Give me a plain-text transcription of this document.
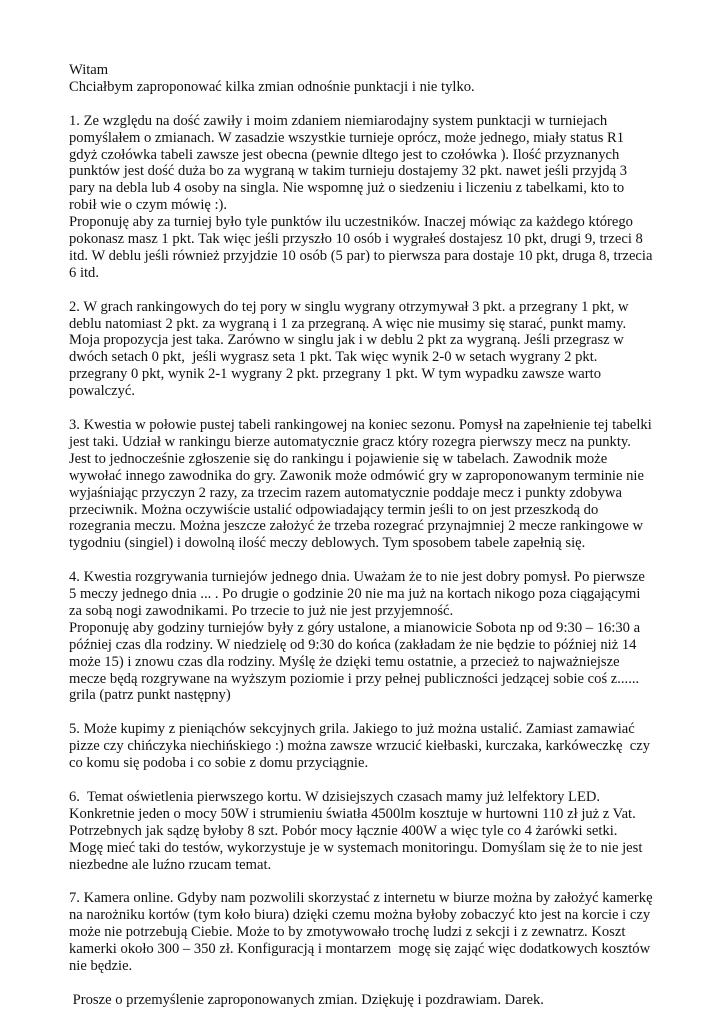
Witam

Chciałbym zaproponować kilka zmian odnośnie punktacji i nie tylko.

1. Ze względu na dość zawiły i moim zdaniem niemiarodajny system punktacji w turniejach
pomyślałem o zmianach. W zasadzie wszystkie turnieje oprócz, może jednego, miały status R1
gdyż czołówka tabeli zawsze jest obecna (pewnie dltego jest to czołówka ). Ilość przyznanych
punktów jest dość duża bo za wygraną w takim turnieju dostajemy 32 pkt. nawet jeśli przyjdą 3
pary na debla lub 4 osoby na singla. Nie wspomnę już o siedzeniu i liczeniu z tabelkami, kto to
robił wie o czym mówię :).
Proponuję aby za turniej było tyle punktów ilu uczestników. Inaczej mówiąc za każdego którego
pokonasz masz 1 pkt. Tak więc jeśli przyszło 10 osób i wygrałeś dostajesz 10 pkt, drugi 9, trzeci 8
itd. W deblu jeśli również przyjdzie 10 osób (5 par) to pierwsza para dostaje 10 pkt, druga 8, trzecia
6 itd.

2. W grach rankingowych do tej pory w singlu wygrany otrzymywał 3 pkt. a przegrany 1 pkt, w
deblu natomiast 2 pkt. za wygraną i 1 za przegraną. A więc nie musimy się starać, punkt mamy.
Moja propozycja jest taka. Zarówno w singlu jak i w deblu 2 pkt za wygraną. Jeśli przegrasz w
dwóch setach 0 pkt,  jeśli wygrasz seta 1 pkt. Tak więc wynik 2-0 w setach wygrany 2 pkt.
przegrany 0 pkt, wynik 2-1 wygrany 2 pkt. przegrany 1 pkt. W tym wypadku zawsze warto
powalczyć.

3. Kwestia w połowie pustej tabeli rankingowej na koniec sezonu. Pomysł na zapełnienie tej tabelki
jest taki. Udział w rankingu bierze automatycznie gracz który rozegra pierwszy mecz na punkty.
Jest to jednocześnie zgłoszenie się do rankingu i pojawienie się w tabelach. Zawodnik może
wywołać innego zawodnika do gry. Zawonik może odmówić gry w zaproponowanym terminie nie
wyjaśniając przyczyn 2 razy, za trzecim razem automatycznie poddaje mecz i punkty zdobywa
przeciwnik. Można oczywiście ustalić odpowiadający termin jeśli to on jest przeszkodą do
rozegrania meczu. Można jeszcze założyć że trzeba rozegrać przynajmniej 2 mecze rankingowe w
tygodniu (singiel) i dowolną ilość meczy deblowych. Tym sposobem tabele zapełnią się.

4. Kwestia rozgrywania turniejów jednego dnia. Uważam że to nie jest dobry pomysł. Po pierwsze
5 meczy jednego dnia ... . Po drugie o godzinie 20 nie ma już na kortach nikogo poza ciągającymi
za sobą nogi zawodnikami. Po trzecie to już nie jest przyjemność.
Proponuję aby godziny turniejów były z góry ustalone, a mianowicie Sobota np od 9:30 – 16:30 a
później czas dla rodziny. W niedzielę od 9:30 do końca (zakładam że nie będzie to później niż 14
może 15) i znowu czas dla rodziny. Myślę że dzięki temu ostatnie, a przecież to najważniejsze
mecze będą rozgrywane na wyższym poziomie i przy pełnej publiczności jedzącej sobie coś z......
grila (patrz punkt następny)

5. Może kupimy z pieniąchów sekcyjnych grila. Jakiego to już można ustalić. Zamiast zamawiać
pizze czy chińczyka niechińskiego :) można zawsze wrzucić kiełbaski, kurczaka, karkóweczkę  czy
co komu się podoba i co sobie z domu przyciągnie.

6.  Temat oświetlenia pierwszego kortu. W dzisiejszych czasach mamy już lelfektory LED.
Konkretnie jeden o mocy 50W i strumieniu światła 4500lm kosztuje w hurtowni 110 zł już z Vat.
Potrzebnych jak sądzę byłoby 8 szt. Pobór mocy łącznie 400W a więc tyle co 4 żarówki setki.
Mogę mieć taki do testów, wykorzystuje je w systemach monitoringu. Domyślam się że to nie jest
niezbedne ale luźno rzucam temat.

7. Kamera online. Gdyby nam pozwolili skorzystać z internetu w biurze można by założyć kamerkę
na narożniku kortów (tym koło biura) dzięki czemu można byłoby zobaczyć kto jest na korcie i czy
może nie potrzebują Ciebie. Może to by zmotywowało trochę ludzi z sekcji i z zewnatrz. Koszt
kamerki około 300 – 350 zł. Konfiguracją i montarzem  mogę się zająć więc dodatkowych kosztów
nie będzie.

Prosze o przemyślenie zaproponowanych zmian. Dziękuję i pozdrawiam. Darek.
